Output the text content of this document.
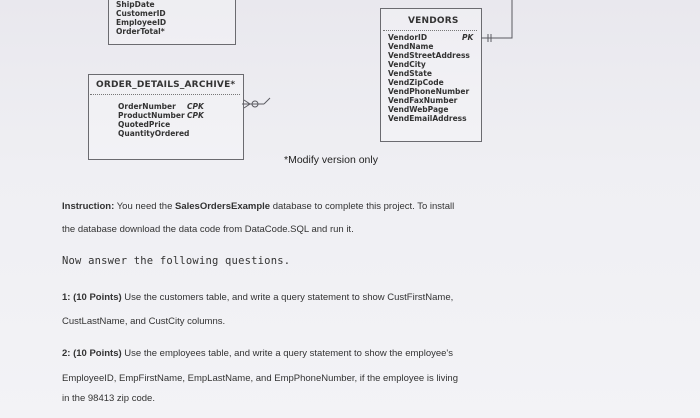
ShipDate
CustomerID
EmployeeID
OrderTotal*
VENDORS
VendorID	PK
VendName
VendStreetAddress
VendCity
VendState
VendZipCode
VendPhoneNumber
VendFaxNumber
VendWebPage
VendEmailAddress
ORDER_DETAILS_ARCHIVE*
OrderNumber CPK
ProductNumber CPK
QuotedPrice
QuantityOrdered
*Modify version only
Instruction: You need the SalesOrdersExample database to complete this project. To install
the database download the data code from DataCode.SQL and run it.
Now answer the following questions.
1: (10 Points) Use the customers table, and write a query statement to show CustFirstName,
CustLastName, and CustCity columns.
2: (10 Points) Use the employees table, and write a query statement to show the employee's
EmployeeID, EmpFirstName, EmpLastName, and EmpPhoneNumber, if the employee is living
in the 98413 zip code.
